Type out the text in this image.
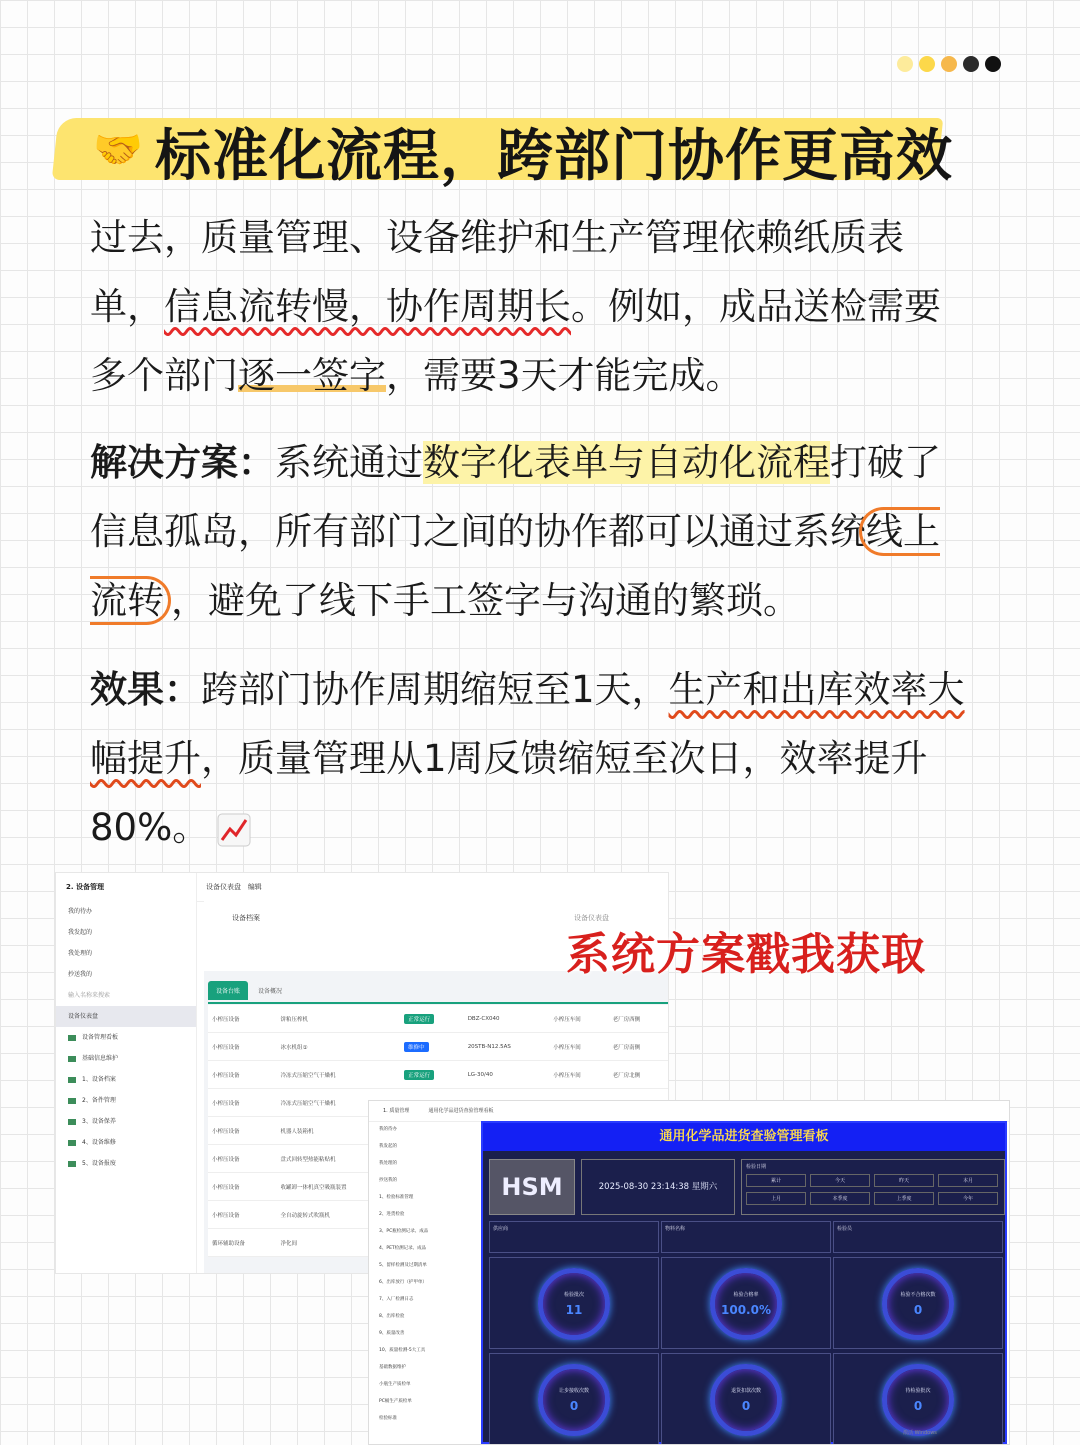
🤝 标准化流程，跨部门协作更高效
过去，质量管理、设备维护和生产管理依赖纸质表单，信息流转慢，协作周期长。例如，成品送检需要多个部门逐一签字，需要3天才能完成。
解决方案：系统通过数字化表单与自动化流程打破了信息孤岛，所有部门之间的协作都可以通过系统线上流转 ，避免了线下手工签字与沟通的繁琐。
效果：跨部门协作周期缩短至1天，生产和出库效率大幅提升，质量管理从1周反馈缩短至次日，效率提升80%。
2. 设备管理
我的待办
我发起的
我处理的
抄送我的
输入名称来搜索
设备仪表盘
设备管理看板
基础信息维护
1、设备档案
2、备件管理
3、设备保养
4、设备维修
5、设备报废
设备仪表盘 编辑
设备档案	设备仪表盘
设备台账	设备概况
小榨压设备	饼粕压榨机	正常运行	DBZ-CX040	小榨压车间	老厂房西侧
小榨压设备	冰水机组①	维修中	20STB-N12.5AS	小榨压车间	老厂房南侧
小榨压设备	冷冻式压缩空气干燥机	正常运行	LG-30/40	小榨压车间	老厂房北侧
小榨压设备	冷冻式压缩空气干燥机				
小榨压设备	机器人装箱机				
小榨压设备	盘式回转型热能粘贴机				
小榨压设备	收罐卸一体机真空吸瓶装置				
小榨压设备	全自动旋转式吹瓶机				
循环辅助设备	净化间				
系统方案戳我获取
1. 质量管理	通用化学品进货查验管理看板
我的待办
我发起的
我处理的
抄送我的
1、检验标准管理
2、进货检验
3、PC瓶检测记录、成品
4、PET检测记录、成品
5、留样检测及过期清单
6、出库放行（护甲单）
7、入厂检测日志
8、出库检验
9、质量改善
10、质量检测-5大工具
基础数据维护
小瓶生产质检单
PC桶生产质检单
检验标准
通用化学品进货查验管理看板
HSM	2025-08-30 23:14:38 星期六
检验日期
累计	今天	昨天	本月
上月	本季度	上季度	今年
供应商	物料名称	检验员
检验批次
11
检验合格率
100.0%
检验不合格次数
0
让步接收次数
0
退货扣款次数
0
待检验批次
0
激活 Windows
